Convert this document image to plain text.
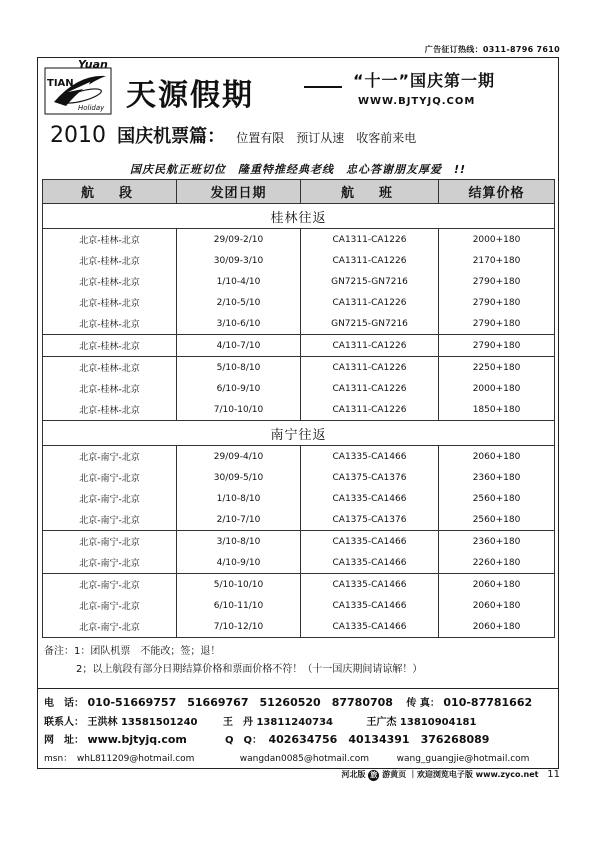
广告征订热线：0311-8796 7610
Yuan
TIAN
Holiday 天源假期	“十一”国庆第一期
WWW.BJTYJQ.COM
2010 国庆机票篇： 位置有限　预订从速　收客前来电
国庆民航正班切位　隆重特推经典老线　忠心答谢朋友厚爱　!!
航　段	发团日期	航　班	结算价格
桂林往返			
北京-桂林-北京	29/09-2/10	CA1311-CA1226	2000+180
北京-桂林-北京	30/09-3/10	CA1311-CA1226	2170+180
北京-桂林-北京	1/10-4/10	GN7215-GN7216	2790+180
北京-桂林-北京	2/10-5/10	CA1311-CA1226	2790+180
北京-桂林-北京	3/10-6/10	GN7215-GN7216	2790+180
北京-桂林-北京	4/10-7/10	CA1311-CA1226	2790+180
北京-桂林-北京	5/10-8/10	CA1311-CA1226	2250+180
北京-桂林-北京	6/10-9/10	CA1311-CA1226	2000+180
北京-桂林-北京	7/10-10/10	CA1311-CA1226	1850+180
南宁往返			
北京-南宁-北京	29/09-4/10	CA1335-CA1466	2060+180
北京-南宁-北京	30/09-5/10	CA1375-CA1376	2360+180
北京-南宁-北京	1/10-8/10	CA1335-CA1466	2560+180
北京-南宁-北京	2/10-7/10	CA1375-CA1376	2560+180
北京-南宁-北京	3/10-8/10	CA1335-CA1466	2360+180
北京-南宁-北京	4/10-9/10	CA1335-CA1466	2260+180
北京-南宁-北京	5/10-10/10	CA1335-CA1466	2060+180
北京-南宁-北京	6/10-11/10	CA1335-CA1466	2060+180
北京-南宁-北京	7/10-12/10	CA1335-CA1466	2060+180
备注：1：团队机票　不能改；签；退！
2；以上航段有部分日期结算价格和票面价格不符！（十一国庆期间请谅解！）
电　话： 010-51669757　51669767　51260520　87780708 传 真： 010-87781662
联系人： 王洪林 13581501240	王　丹 13811240734	王广杰 13810904181
网　址： www.bjtyjq.com	Q　Q： 402634756　40134391　376268089
msn： whL811209@hotmail.com	wangdan0085@hotmail.com	wang_guangjie@hotmail.com
河北版 旅 游黄页 ｜欢迎浏览电子版 www.zyco.net 11
